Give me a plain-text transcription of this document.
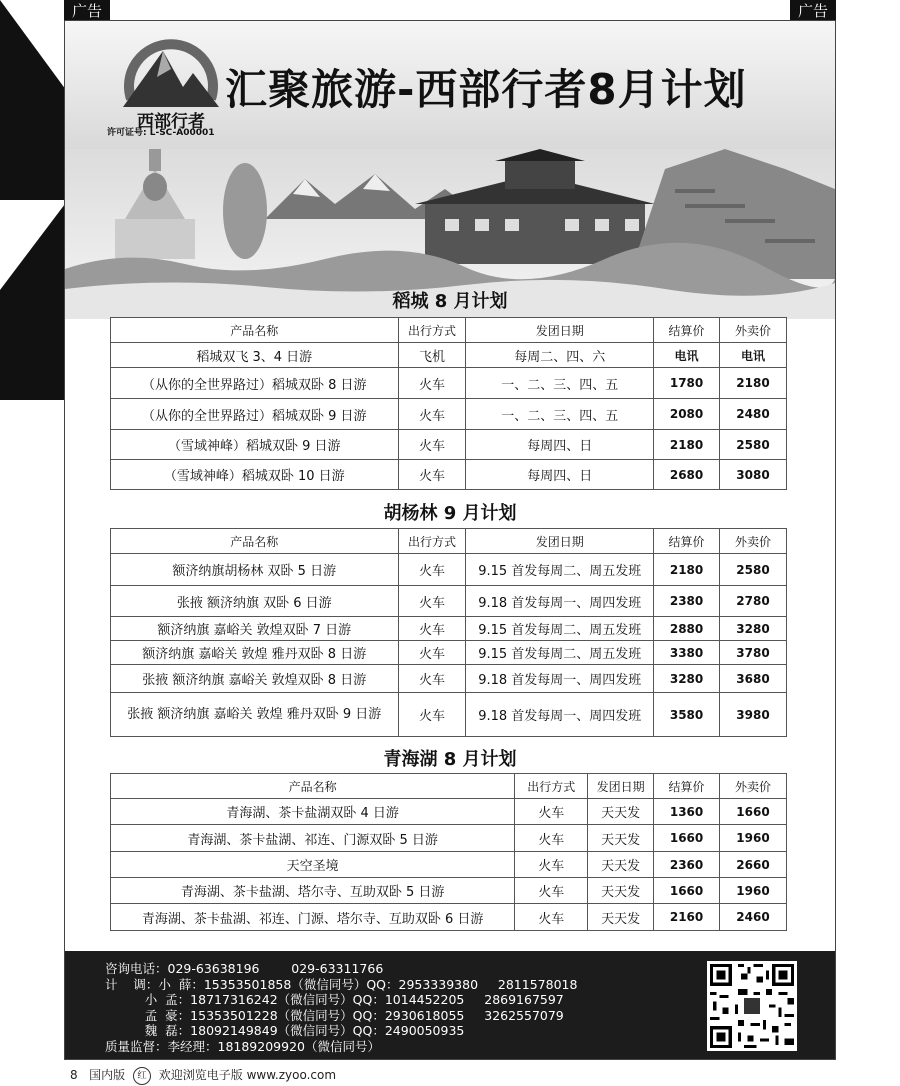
广告	广告
西
部
行
者
西部行者
汇聚旅游-西部行者8月计划
许可证号: L-SC-A00001
稻城 8 月计划
产品名称	出行方式	发团日期	结算价	外卖价
稻城双飞 3、4 日游	飞机	每周二、四、六	电讯	电讯
（从你的全世界路过）稻城双卧 8 日游	火车	一、二、三、四、五	1780	2180
（从你的全世界路过）稻城双卧 9 日游	火车	一、二、三、四、五	2080	2480
（雪域神峰）稻城双卧 9 日游	火车	每周四、日	2180	2580
（雪域神峰）稻城双卧 10 日游	火车	每周四、日	2680	3080
胡杨林 9 月计划
产品名称	出行方式	发团日期	结算价	外卖价
额济纳旗胡杨林 双卧 5 日游	火车	9.15 首发每周二、周五发班	2180	2580
张掖 额济纳旗 双卧 6 日游	火车	9.18 首发每周一、周四发班	2380	2780
额济纳旗 嘉峪关 敦煌双卧 7 日游	火车	9.15 首发每周二、周五发班	2880	3280
额济纳旗 嘉峪关 敦煌 雅丹双卧 8 日游	火车	9.15 首发每周二、周五发班	3380	3780
张掖 额济纳旗 嘉峪关 敦煌双卧 8 日游	火车	9.18 首发每周一、周四发班	3280	3680
张掖 额济纳旗 嘉峪关 敦煌 雅丹双卧 9 日游	火车	9.18 首发每周一、周四发班	3580	3980
青海湖 8 月计划
产品名称	出行方式	发团日期	结算价	外卖价
青海湖、茶卡盐湖双卧 4 日游	火车	天天发	1360	1660
青海湖、茶卡盐湖、祁连、门源双卧 5 日游	火车	天天发	1660	1960
天空圣境	火车	天天发	2360	2660
青海湖、茶卡盐湖、塔尔寺、互助双卧 5 日游	火车	天天发	1660	1960
青海湖、茶卡盐湖、祁连、门源、塔尔寺、互助双卧 6 日游	火车	天天发	2160	2460
咨询电话：029-63638196        029-63311766
计    调：小  薛：15353501858（微信同号）QQ：2953339380     2811578018
小  孟：18717316242（微信同号）QQ：1014452205     2869167597
孟  豪：15353501228（微信同号）QQ：2930618055     3262557079
魏  磊：18092149849（微信同号）QQ：2490050935
质量监督：李经理：18189209920（微信同号）
8 国内版 红 欢迎浏览电子版 www.zyoo.com
